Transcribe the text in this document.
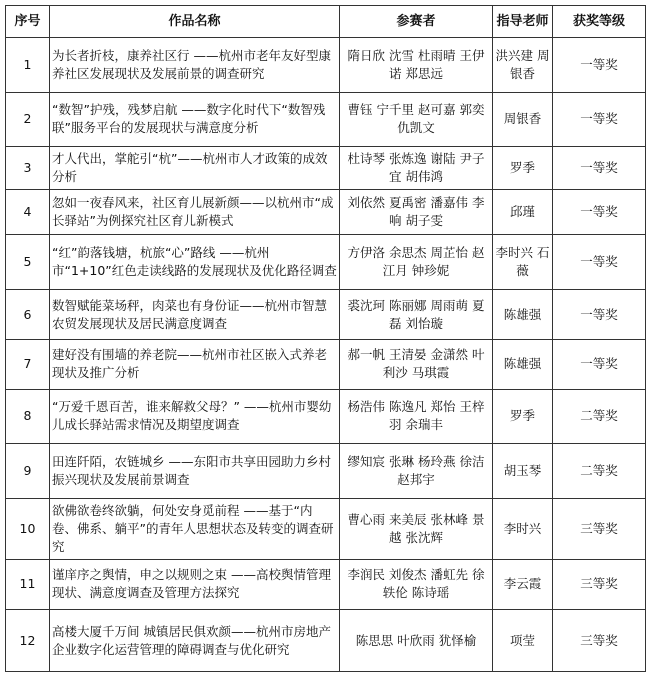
序号	作品名称	参赛者	指导老师	获奖等级
1	为长者折枝，康养社区行 ——杭州市老年友好型康养社区发展现状及发展前景的调查研究	隋日欣 沈雪 杜雨晴 王伊诺 郑思远	洪兴建 周银香	一等奖
2	“数智”护残，残梦启航 ——数字化时代下“数智残联”服务平台的发展现状与满意度分析	曹钰 宁千里 赵可嘉 郭奕 仇凯文	周银香	一等奖
3	才人代出，掌舵引“杭”——杭州市人才政策的成效分析	杜诗琴 张炼逸 谢陆 尹子宜 胡伟鸿	罗季	一等奖
4	忽如一夜春风来，社区育儿展新颜——以杭州市“成长驿站”为例探究社区育儿新模式	刘依然 夏禹密 潘嘉伟 李响 胡子雯	邱瑾	一等奖
5	“红”韵落钱塘，杭旅“心”路线 ——杭州市“1+10”红色走读线路的发展现状及优化路径调查	方伊洛 余思杰 周芷怡 赵江月 钟珍妮	李时兴 石薇	一等奖
6	数智赋能菜场秤，肉菜也有身份证——杭州市智慧农贸发展现状及居民满意度调查	裘沈珂 陈丽娜 周雨萌 夏磊 刘怡璇	陈雄强	一等奖
7	建好没有围墙的养老院——杭州市社区嵌入式养老现状及推广分析	郝一帆 王清晏 金潇然 叶利沙 马琪霞	陈雄强	一等奖
8	“万爱千恩百苦，谁来解救父母？” ——杭州市婴幼儿成长驿站需求情况及期望度调查	杨浩伟 陈逸凡 郑怡 王梓羽 余瑞丰	罗季	二等奖
9	田连阡陌，农链城乡 ——东阳市共享田园助力乡村振兴现状及发展前景调查	缪知宸 张琳 杨玲燕 徐洁 赵邦宇	胡玉琴	二等奖
10	欲佛欲卷终欲躺，何处安身觅前程 ——基于“内卷、佛系、躺平”的青年人思想状态及转变的调查研究	曹心雨 来美辰 张林峰 景越 张沈辉	李时兴	三等奖
11	谨庠序之舆情，申之以规则之束 ——高校舆情管理现状、满意度调查及管理方法探究	李润民 刘俊杰 潘虹先 徐轶伦 陈诗瑶	李云霞	三等奖
12	高楼大厦千万间 城镇居民俱欢颜——杭州市房地产企业数字化运营管理的障碍调查与优化研究	陈思思 叶欣雨 犹怿榆	项莹	三等奖
